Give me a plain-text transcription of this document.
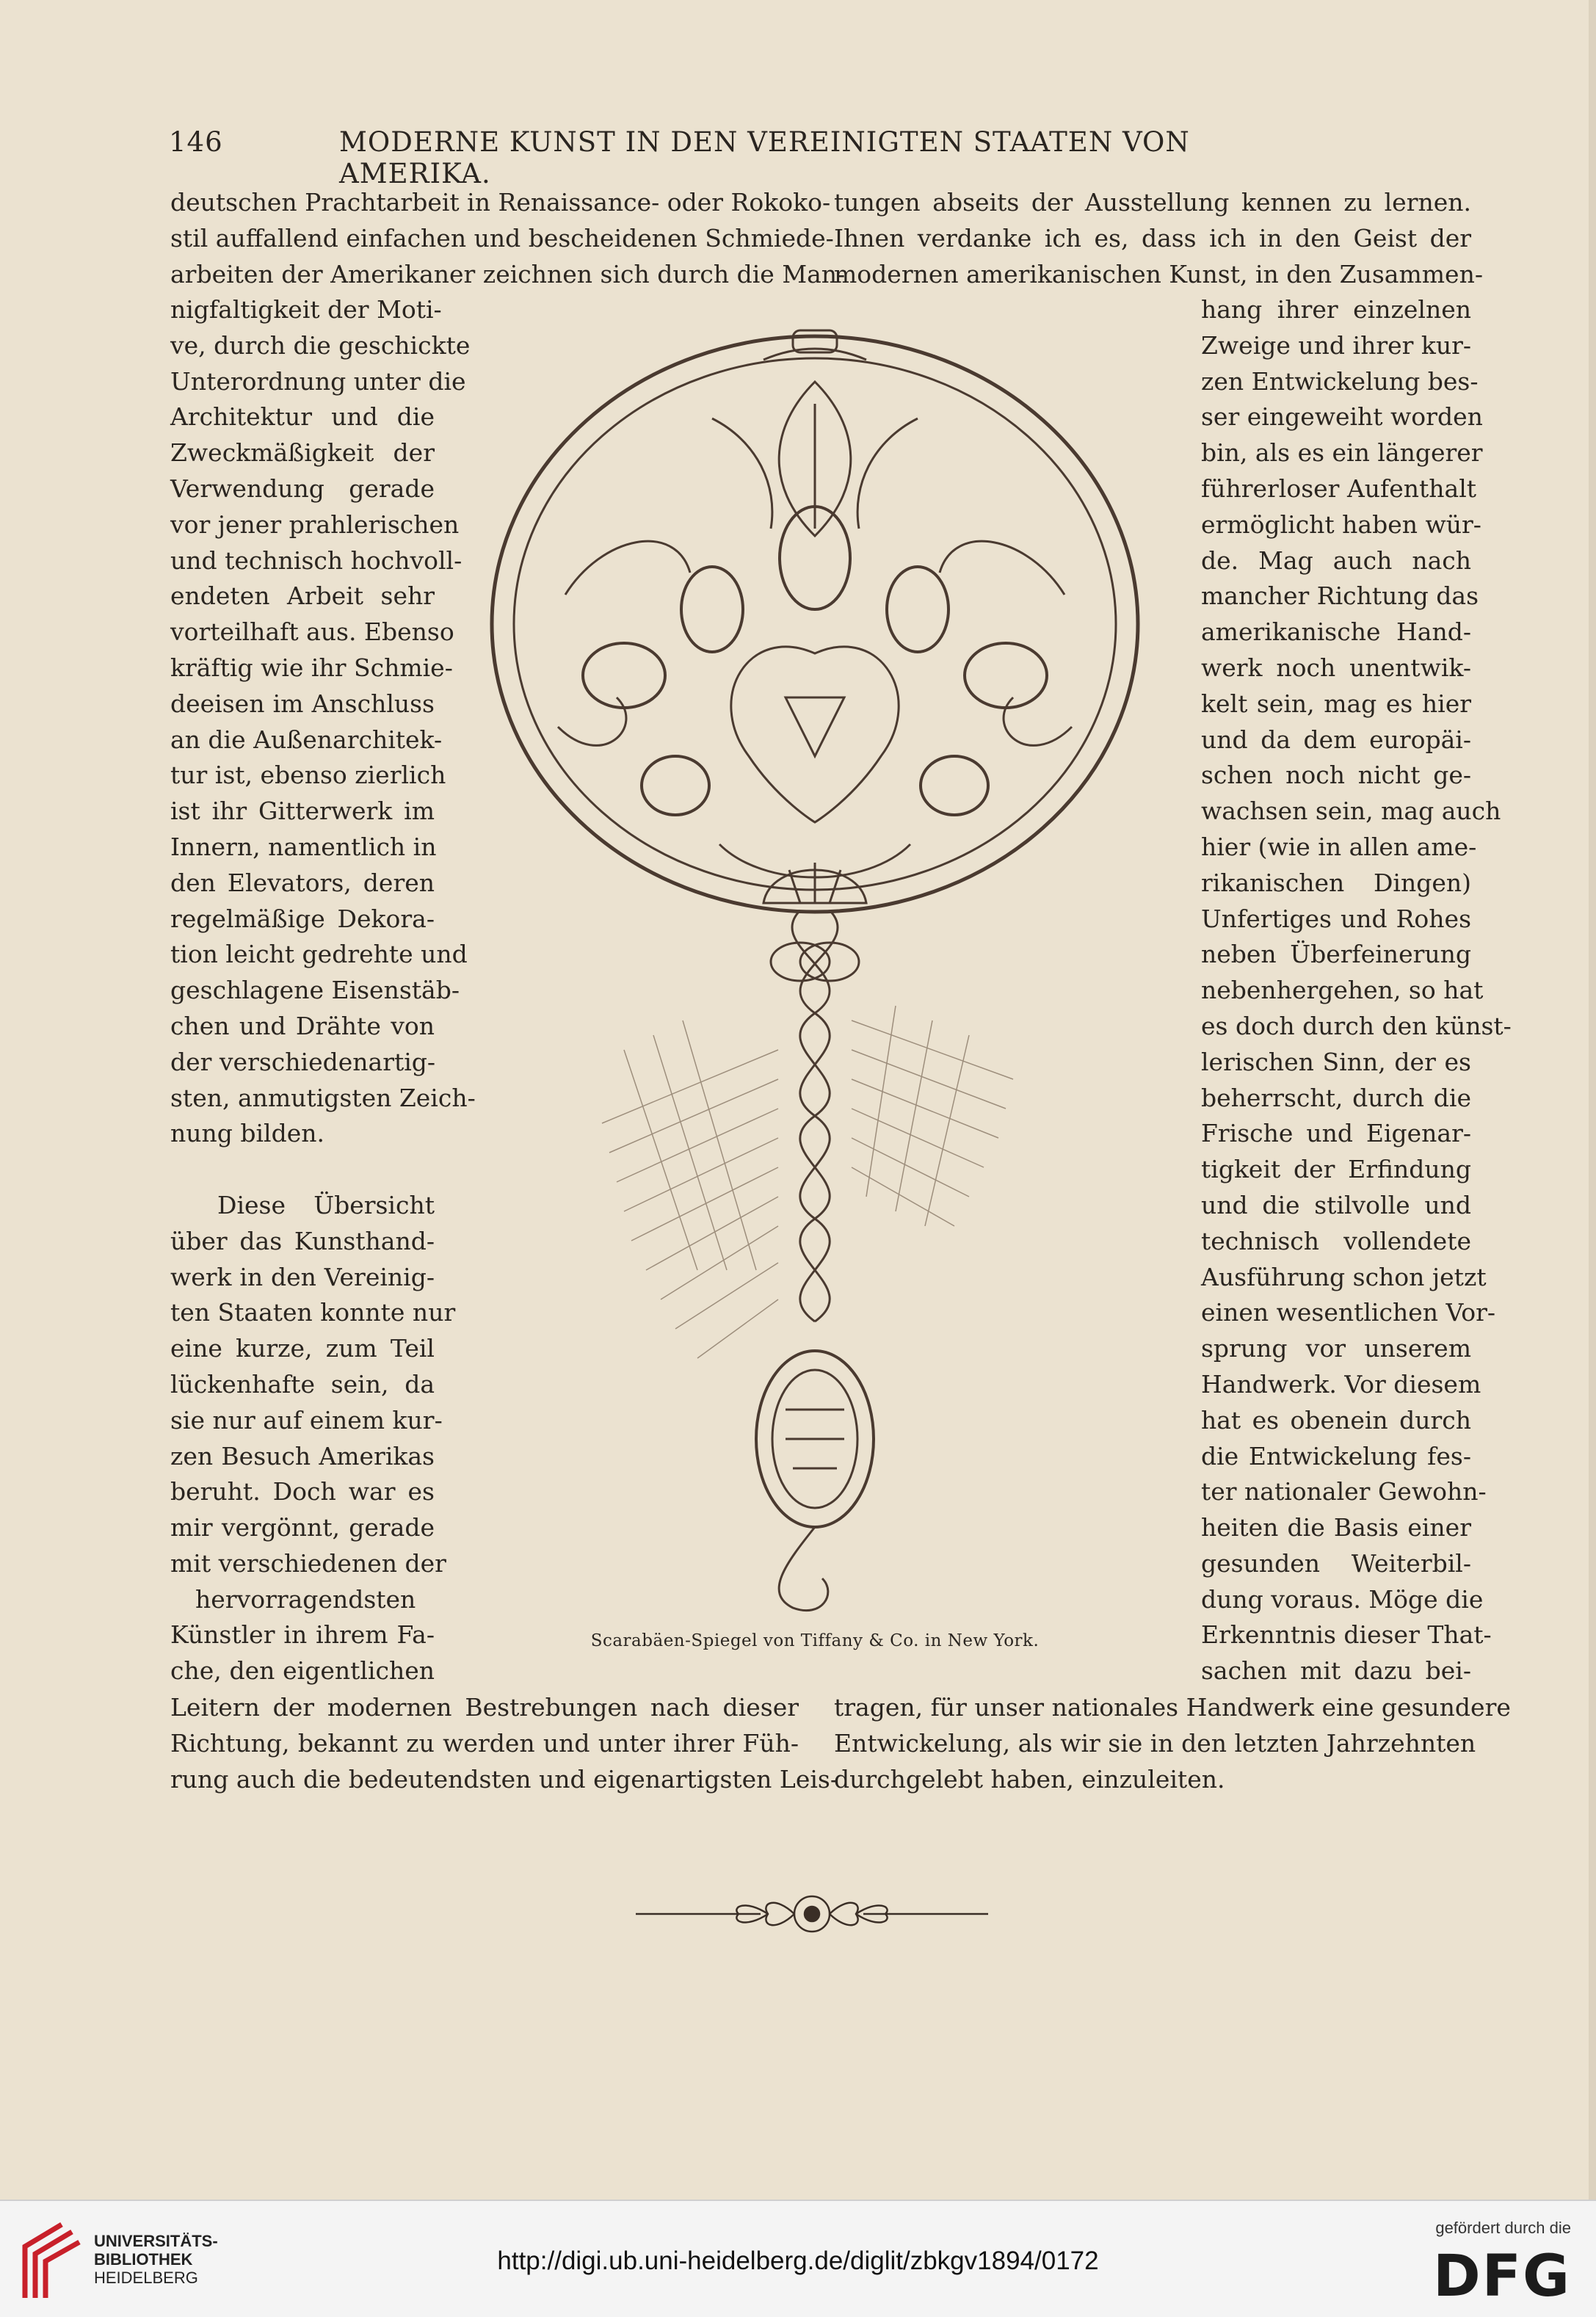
146	MODERNE KUNST IN DEN VEREINIGTEN STAATEN VON AMERIKA.
deutschen Prachtarbeit in Renaissance- oder Rokoko-
stil auffallend einfachen und bescheidenen Schmiede-
arbeiten der Amerikaner zeichnen sich durch die Man-
tungen abseits der Ausstellung kennen zu lernen.
Ihnen verdanke ich es, dass ich in den Geist der
modernen amerikanischen Kunst, in den Zusammen-
nigfaltigkeit der Moti-
ve, durch die geschickte
Unterordnung unter die
Architektur und die
Zweckmäßigkeit der
Verwendung gerade
vor jener prahlerischen
und technisch hochvoll-
endeten Arbeit sehr
vorteilhaft aus. Ebenso
kräftig wie ihr Schmie-
deeisen im Anschluss
an die Außenarchitek-
tur ist, ebenso zierlich
ist ihr Gitterwerk im
Innern, namentlich in
den Elevators, deren
regelmäßige Dekora-
tion leicht gedrehte und
geschlagene Eisenstäb-
chen und Drähte von
der verschiedenartig-
sten, anmutigsten Zeich-
nung bilden.
Diese Übersicht
über das Kunsthand-
werk in den Vereinig-
ten Staaten konnte nur
eine kurze, zum Teil
lückenhafte sein, da
sie nur auf einem kur-
zen Besuch Amerikas
beruht. Doch war es
mir vergönnt, gerade
mit verschiedenen der
hervorragendsten
Künstler in ihrem Fa-
che, den eigentlichen
hang ihrer einzelnen
Zweige und ihrer kur-
zen Entwickelung bes-
ser eingeweiht worden
bin, als es ein längerer
führerloser Aufenthalt
ermöglicht haben wür-
de. Mag auch nach
mancher Richtung das
amerikanische Hand-
werk noch unentwik-
kelt sein, mag es hier
und da dem europäi-
schen noch nicht ge-
wachsen sein, mag auch
hier (wie in allen ame-
rikanischen Dingen)
Unfertiges und Rohes
neben Überfeinerung
nebenhergehen, so hat
es doch durch den künst-
lerischen Sinn, der es
beherrscht, durch die
Frische und Eigenar-
tigkeit der Erfindung
und die stilvolle und
technisch vollendete
Ausführung schon jetzt
einen wesentlichen Vor-
sprung vor unserem
Handwerk. Vor diesem
hat es obenein durch
die Entwickelung fes-
ter nationaler Gewohn-
heiten die Basis einer
gesunden Weiterbil-
dung voraus. Möge die
Erkenntnis dieser That-
sachen mit dazu bei-
Scarabäen-Spiegel von Tiffany & Co. in New York.
Leitern der modernen Bestrebungen nach dieser
Richtung, bekannt zu werden und unter ihrer Füh-
rung auch die bedeutendsten und eigenartigsten Leis-
tragen, für unser nationales Handwerk eine gesundere
Entwickelung, als wir sie in den letzten Jahrzehnten
durchgelebt haben, einzuleiten.
UNIVERSITÄTS-
BIBLIOTHEK
HEIDELBERG
http://digi.ub.uni-heidelberg.de/diglit/zbkgv1894/0172
gefördert durch die
DFG
